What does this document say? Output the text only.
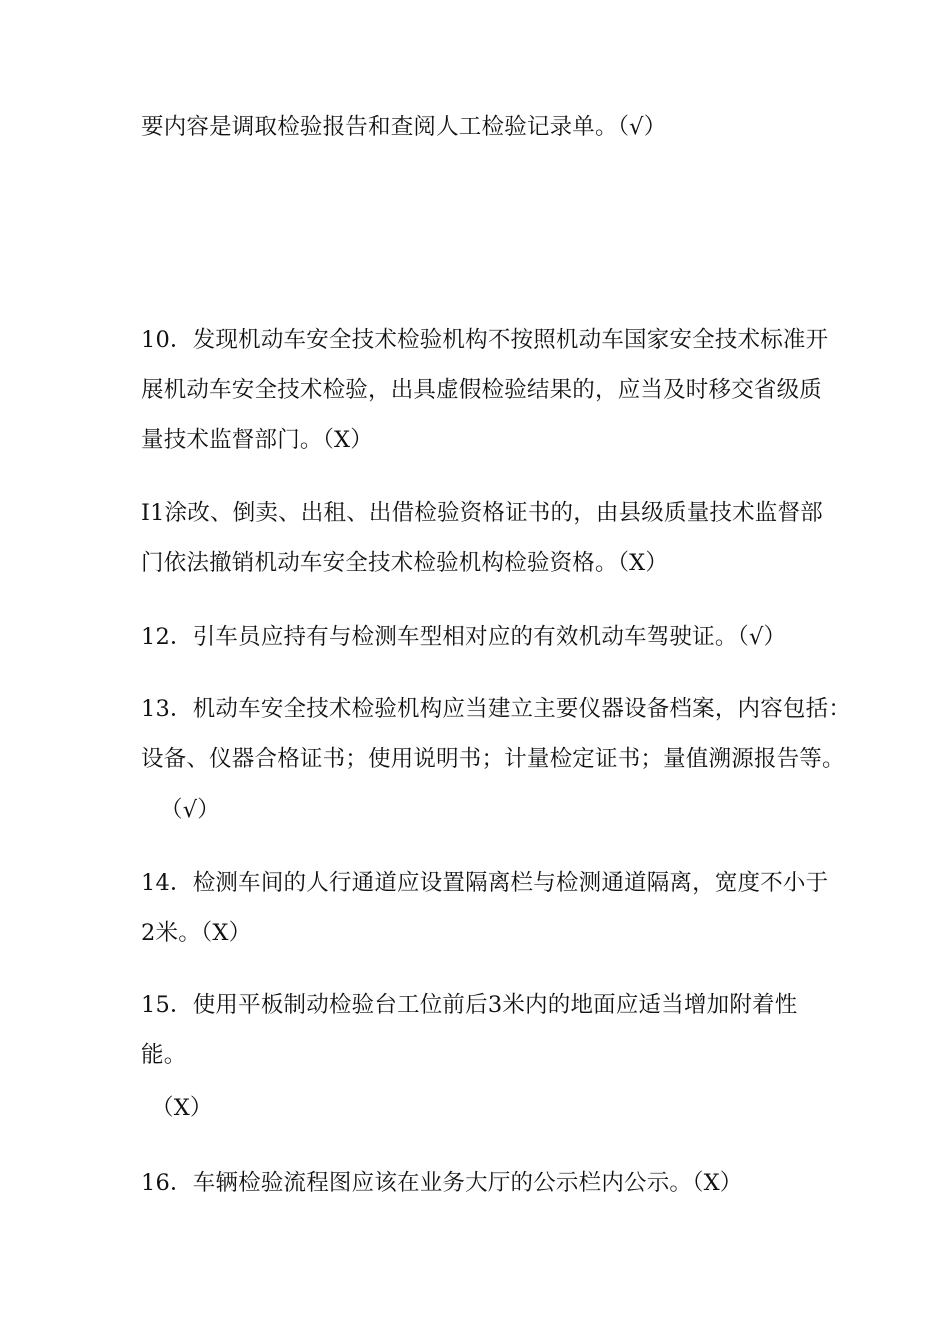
要内容是调取检验报告和查阅人工检验记录单。（√）
10．发现机动车安全技术检验机构不按照机动车国家安全技术标准开
展机动车安全技术检验，出具虚假检验结果的，应当及时移交省级质
量技术监督部门。（X）
I1涂改、倒卖、出租、出借检验资格证书的，由县级质量技术监督部
门依法撤销机动车安全技术检验机构检验资格。（X）
12．引车员应持有与检测车型相对应的有效机动车驾驶证。（√）
13．机动车安全技术检验机构应当建立主要仪器设备档案，内容包括：
设备、仪器合格证书；使用说明书；计量检定证书；量值溯源报告等。
（√）
14．检测车间的人行通道应设置隔离栏与检测通道隔离，宽度不小于
2米。（X）
15．使用平板制动检验台工位前后3米内的地面应适当增加附着性
能。
（X）
16．车辆检验流程图应该在业务大厅的公示栏内公示。（X）
